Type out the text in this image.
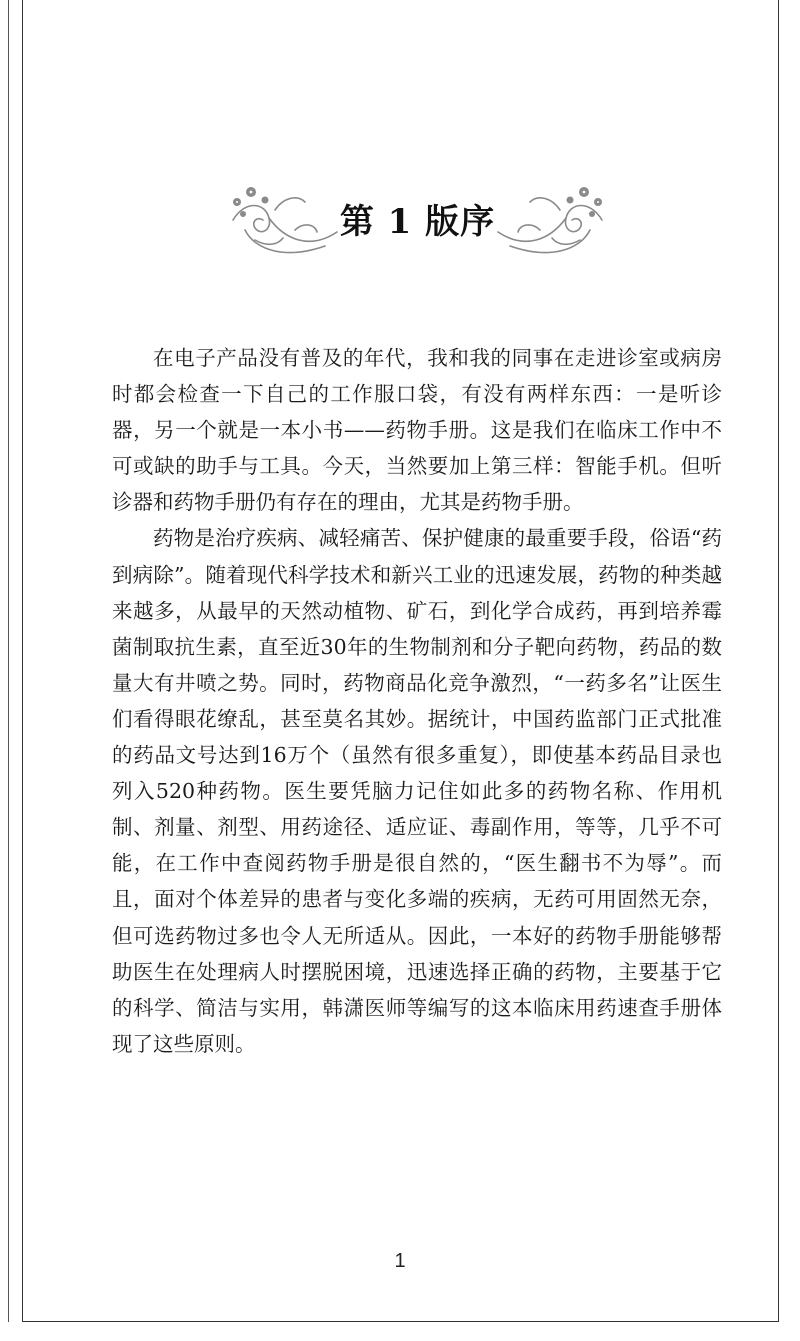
第 1 版序

在电子产品没有普及的年代，我和我的同事在走进诊室或病房时都会检查一下自己的工作服口袋，有没有两样东西：一是听诊器，另一个就是一本小书——药物手册。这是我们在临床工作中不可或缺的助手与工具。今天，当然要加上第三样：智能手机。但听诊器和药物手册仍有存在的理由，尤其是药物手册。

药物是治疗疾病、减轻痛苦、保护健康的最重要手段，俗语“药到病除”。随着现代科学技术和新兴工业的迅速发展，药物的种类越来越多，从最早的天然动植物、矿石，到化学合成药，再到培养霉菌制取抗生素，直至近30年的生物制剂和分子靶向药物，药品的数量大有井喷之势。同时，药物商品化竞争激烈，“一药多名”让医生们看得眼花缭乱，甚至莫名其妙。据统计，中国药监部门正式批准的药品文号达到16万个（虽然有很多重复），即使基本药品目录也列入520种药物。医生要凭脑力记住如此多的药物名称、作用机制、剂量、剂型、用药途径、适应证、毒副作用，等等，几乎不可能，在工作中查阅药物手册是很自然的，“医生翻书不为辱”。而且，面对个体差异的患者与变化多端的疾病，无药可用固然无奈，但可选药物过多也令人无所适从。因此，一本好的药物手册能够帮助医生在处理病人时摆脱困境，迅速选择正确的药物，主要基于它的科学、简洁与实用，韩潇医师等编写的这本临床用药速查手册体现了这些原则。

1
